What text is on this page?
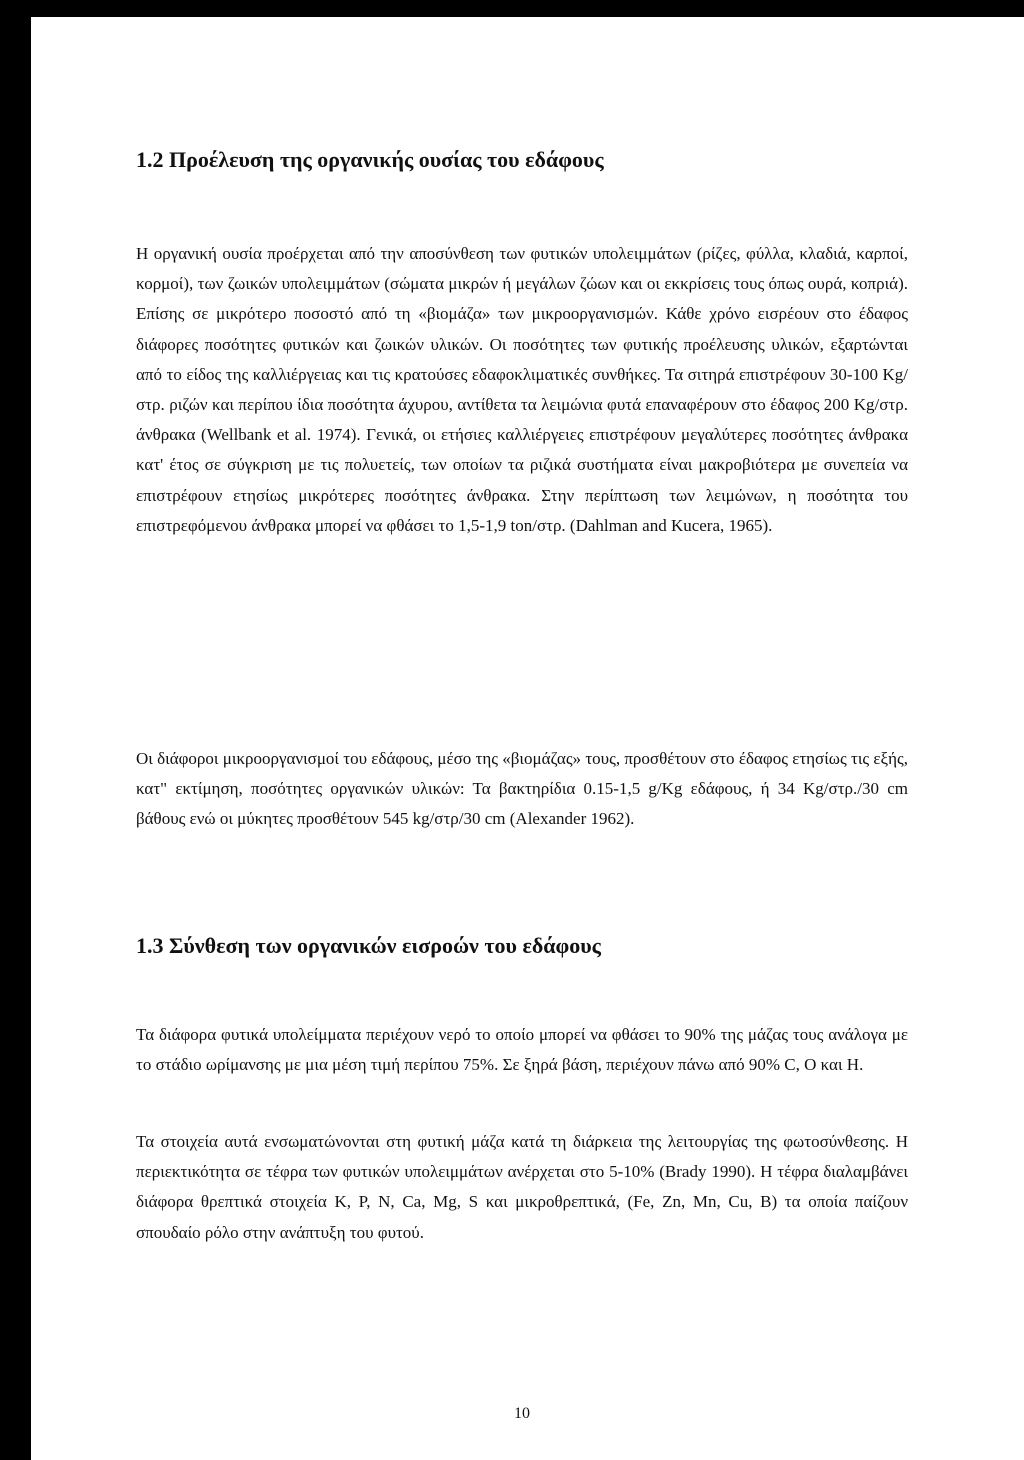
1.2 Προέλευση της οργανικής ουσίας του εδάφους

Η οργανική ουσία προέρχεται από την αποσύνθεση των φυτικών υπολειμμάτων (ρίζες, φύλλα, κλαδιά, καρποί, κορμοί), των ζωικών υπολειμμάτων (σώματα μικρών ή μεγάλων ζώων και οι εκκρίσεις τους όπως ουρά, κοπριά). Επίσης σε μικρότερο ποσοστό από τη «βιομάζα» των μικροοργανισμών. Κάθε χρόνο εισρέουν στο έδαφος διάφορες ποσότητες φυτικών και ζωικών υλικών. Οι ποσότητες των φυτικής προέλευσης υλικών, εξαρτώνται από το είδος της καλλιέργειας και τις κρατούσες εδαφοκλιματικές συνθήκες. Τα σιτηρά επιστρέφουν 30-100 Kg/στρ. ριζών και περίπου ίδια ποσότητα άχυρου, αντίθετα τα λειμώνια φυτά επαναφέρουν στο έδαφος 200 Kg/στρ. άνθρακα (Wellbank et al. 1974). Γενικά, οι ετήσιες καλλιέργειες επιστρέφουν μεγαλύτερες ποσότητες άνθρακα κατ' έτος σε σύγκριση με τις πολυετείς, των οποίων τα ριζικά συστήματα είναι μακροβιότερα με συνεπεία να επιστρέφουν ετησίως μικρότερες ποσότητες άνθρακα. Στην περίπτωση των λειμώνων, η ποσότητα του επιστρεφόμενου άνθρακα μπορεί να φθάσει το 1,5-1,9 ton/στρ. (Dahlman and Kucera, 1965).

Οι διάφοροι μικροοργανισμοί του εδάφους, μέσο της «βιομάζας» τους, προσθέτουν στο έδαφος ετησίως τις εξής, κατ" εκτίμηση, ποσότητες οργανικών υλικών: Τα βακτηρίδια 0.15-1,5 g/Kg εδάφους, ή 34 Kg/στρ./30 cm βάθους ενώ οι μύκητες προσθέτουν 545 kg/στρ/30 cm (Alexander 1962).

1.3 Σύνθεση των οργανικών εισροών του εδάφους

Τα διάφορα φυτικά υπολείμματα περιέχουν νερό το οποίο μπορεί να φθάσει το 90% της μάζας τους ανάλογα με το στάδιο ωρίμανσης με μια μέση τιμή περίπου 75%. Σε ξηρά βάση, περιέχουν πάνω από 90% C, O και H.

Τα στοιχεία αυτά ενσωματώνονται στη φυτική μάζα κατά τη διάρκεια της λειτουργίας της φωτοσύνθεσης. Η περιεκτικότητα σε τέφρα των φυτικών υπολειμμάτων ανέρχεται στο 5-10% (Brady 1990). Η τέφρα διαλαμβάνει διάφορα θρεπτικά στοιχεία K, P, N, Ca, Mg, S και μικροθρεπτικά, (Fe, Zn, Mn, Cu, B) τα οποία παίζουν σπουδαίο ρόλο στην ανάπτυξη του φυτού.

10
